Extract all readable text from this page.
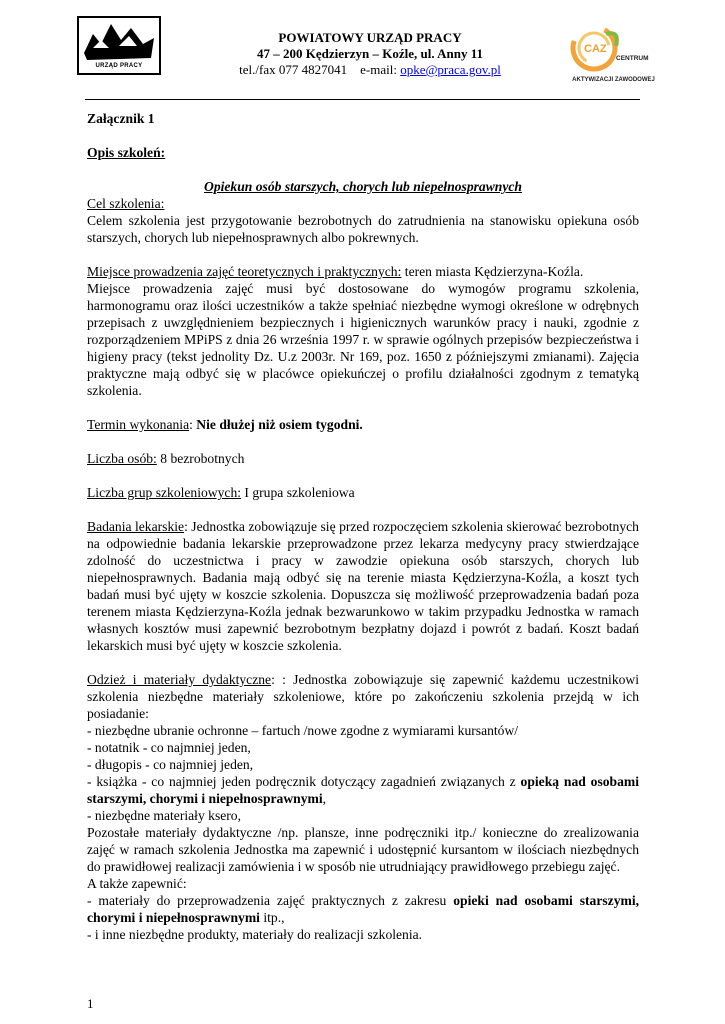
URZĄD PRACY
POWIATOWY URZĄD PRACY
47 – 200 Kędzierzyn – Koźle, ul. Anny 11
tel./fax 077 4827041 e-mail: opke@praca.gov.pl
CAZ
CENTRUM
AKTYWIZACJI ZAWODOWEJ

Załącznik 1

Opis szkoleń:

Opiekun osób starszych, chorych lub niepełnosprawnych

Cel szkolenia:

Celem szkolenia jest przygotowanie bezrobotnych do zatrudnienia na stanowisku opiekuna osób starszych, chorych lub niepełnosprawnych albo pokrewnych.

Miejsce prowadzenia zajęć teoretycznych i praktycznych: teren miasta Kędzierzyna-Koźla.

Miejsce prowadzenia zajęć musi być dostosowane do wymogów programu szkolenia, harmonogramu oraz ilości uczestników a także spełniać niezbędne wymogi określone w odrębnych przepisach z uwzględnieniem bezpiecznych i higienicznych warunków pracy i nauki, zgodnie z rozporządzeniem MPiPS z dnia 26 września 1997 r. w sprawie ogólnych przepisów bezpieczeństwa i higieny pracy (tekst jednolity Dz. U.z 2003r. Nr 169, poz. 1650 z późniejszymi zmianami). Zajęcia praktyczne mają odbyć się w placówce opiekuńczej o profilu działalności zgodnym z tematyką szkolenia.

Termin wykonania: Nie dłużej niż osiem tygodni.

Liczba osób: 8 bezrobotnych

Liczba grup szkoleniowych: I grupa szkoleniowa

Badania lekarskie: Jednostka zobowiązuje się przed rozpoczęciem szkolenia skierować bezrobotnych na odpowiednie badania lekarskie przeprowadzone przez lekarza medycyny pracy stwierdzające zdolność do uczestnictwa i pracy w zawodzie opiekuna osób starszych, chorych lub niepełnosprawnych. Badania mają odbyć się na terenie miasta Kędzierzyna-Koźla, a koszt tych badań musi być ujęty w koszcie szkolenia. Dopuszcza się możliwość przeprowadzenia badań poza terenem miasta Kędzierzyna-Koźla jednak bezwarunkowo w takim przypadku Jednostka w ramach własnych kosztów musi zapewnić bezrobotnym bezpłatny dojazd i powrót z badań. Koszt badań lekarskich musi być ujęty w koszcie szkolenia.

Odzież i materiały dydaktyczne: : Jednostka zobowiązuje się zapewnić każdemu uczestnikowi szkolenia niezbędne materiały szkoleniowe, które po zakończeniu szkolenia przejdą w ich posiadanie:

- niezbędne ubranie ochronne – fartuch /nowe zgodne z wymiarami kursantów/

- notatnik - co najmniej jeden,

- długopis - co najmniej jeden,

- książka - co najmniej jeden podręcznik dotyczący zagadnień związanych z opieką nad osobami starszymi, chorymi i niepełnosprawnymi,

- niezbędne materiały ksero,

Pozostałe materiały dydaktyczne /np. plansze, inne podręczniki itp./ konieczne do zrealizowania zajęć w ramach szkolenia Jednostka ma zapewnić i udostępnić kursantom w ilościach niezbędnych do prawidłowej realizacji zamówienia i w sposób nie utrudniający prawidłowego przebiegu zajęć.

A także zapewnić:

- materiały do przeprowadzenia zajęć praktycznych z zakresu opieki nad osobami starszymi, chorymi i niepełnosprawnymi itp.,

- i inne niezbędne produkty, materiały do realizacji szkolenia.

1
